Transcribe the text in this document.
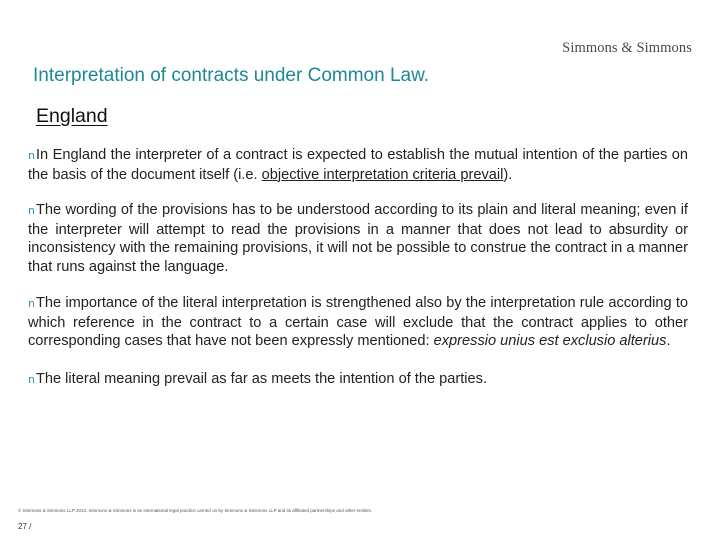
Simmons & Simmons
Interpretation of contracts under Common Law.
England
nIn England the interpreter of a contract is expected to establish the mutual intention of the parties on the basis of the document itself (i.e. objective interpretation criteria prevail).
nThe wording of the provisions has to be understood according to its plain and literal meaning; even if the interpreter will attempt to read the provisions in a manner that does not lead to absurdity or inconsistency with the remaining provisions, it will not be possible to construe the contract in a manner that runs against the language.
nThe importance of the literal interpretation is strengthened also by the interpretation rule according to which reference in the contract to a certain case will exclude that the contract applies to other corresponding cases that have not been expressly mentioned: expressio unius est exclusio alterius.
nThe literal meaning prevail as far as meets the intention of the parties.
© Simmons & Simmons LLP 2013. Simmons & Simmons is an international legal practice carried on by Simmons & Simmons LLP and its affiliated partnerships and other entities.
27 /
